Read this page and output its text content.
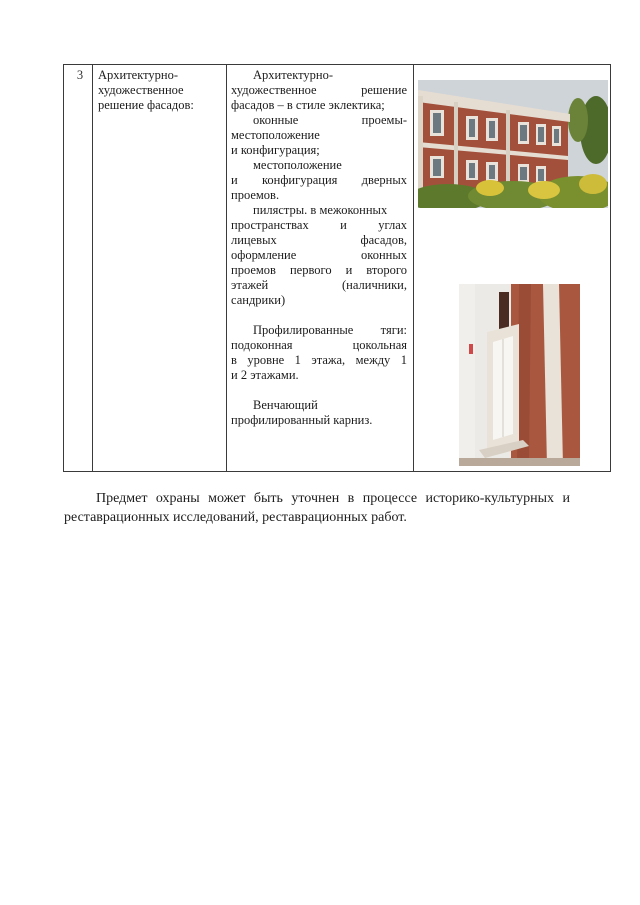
3	Архитектурно-
художественное
решение фасадов:
Архитектурно-
художественное решение
фасадов – в стиле эклектика;
оконные проемы-
местоположение
и конфигурация;
местоположение
и конфигурация дверных
проемов.
пилястры. в межоконных
пространствах и углах
лицевых фасадов,
оформление оконных
проемов первого и второго
этажей (наличники,
сандрики)
Профилированные тяги:
подоконная цокольная
в уровне 1 этажа, между 1
и 2 этажами.
Венчающий
профилированный карниз.
Предмет охраны может быть уточнен в процессе историко-культурных и
реставрационных исследований, реставрационных работ.
